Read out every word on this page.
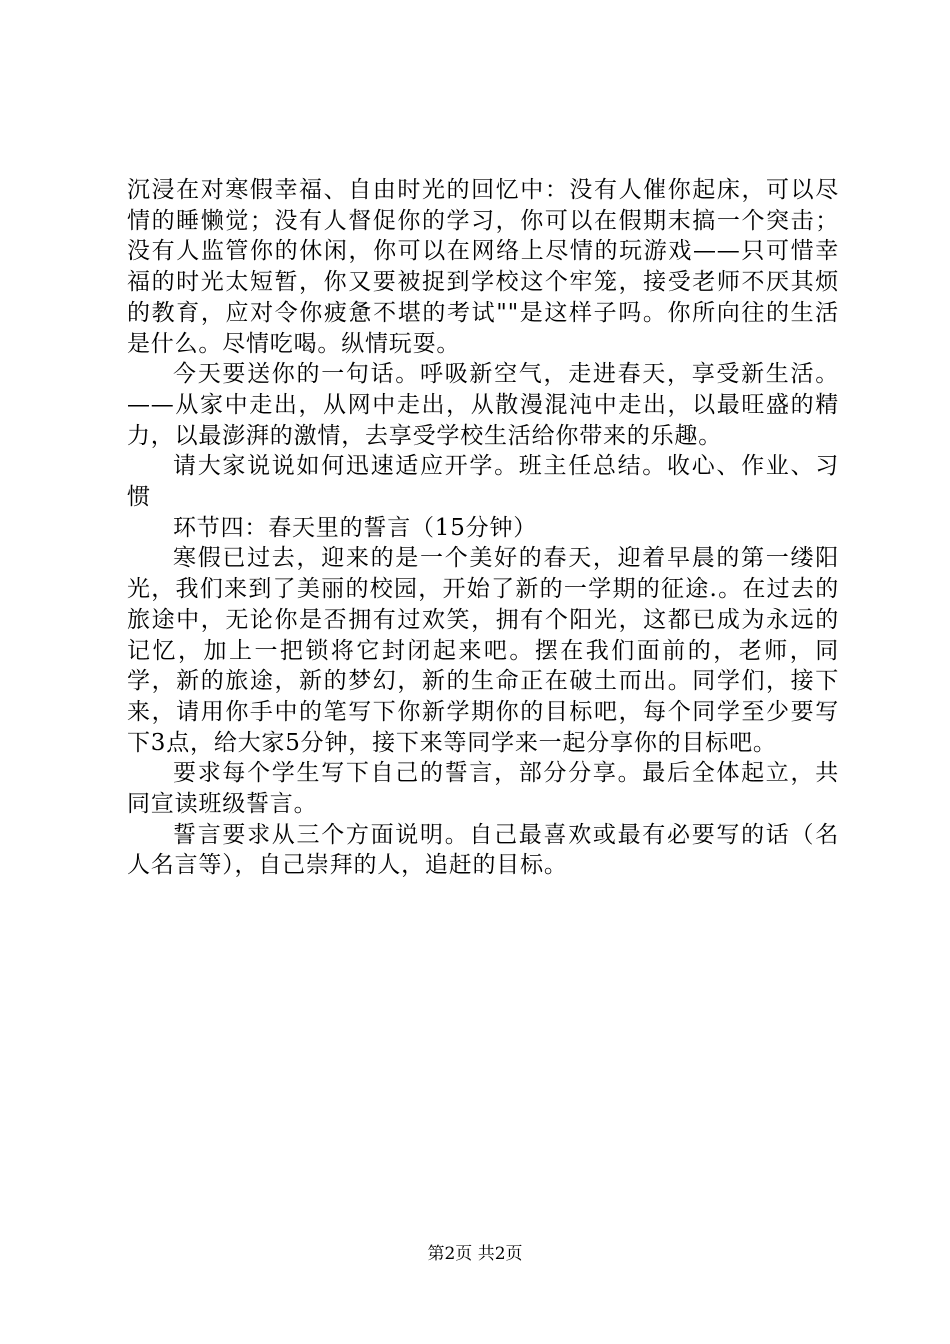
沉浸在对寒假幸福、自由时光的回忆中：没有人催你起床，可以尽情的睡懒觉；没有人督促你的学习，你可以在假期末搞一个突击；没有人监管你的休闲，你可以在网络上尽情的玩游戏——只可惜幸福的时光太短暂，你又要被捉到学校这个牢笼，接受老师不厌其烦的教育，应对令你疲惫不堪的考试""是这样子吗。你所向往的生活是什么。尽情吃喝。纵情玩耍。

今天要送你的一句话。呼吸新空气，走进春天，享受新生活。——从家中走出，从网中走出，从散漫混沌中走出，以最旺盛的精力，以最澎湃的激情，去享受学校生活给你带来的乐趣。

请大家说说如何迅速适应开学。班主任总结。收心、作业、习惯

环节四：春天里的誓言（15分钟）

寒假已过去，迎来的是一个美好的春天，迎着早晨的第一缕阳光，我们来到了美丽的校园，开始了新的一学期的征途.。在过去的旅途中，无论你是否拥有过欢笑，拥有个阳光，这都已成为永远的记忆，加上一把锁将它封闭起来吧。摆在我们面前的，老师，同学，新的旅途，新的梦幻，新的生命正在破土而出。同学们，接下来，请用你手中的笔写下你新学期你的目标吧，每个同学至少要写下3点，给大家5分钟，接下来等同学来一起分享你的目标吧。

要求每个学生写下自己的誓言，部分分享。最后全体起立，共同宣读班级誓言。

誓言要求从三个方面说明。自己最喜欢或最有必要写的话（名人名言等），自己崇拜的人，追赶的目标。

第2页 共2页
